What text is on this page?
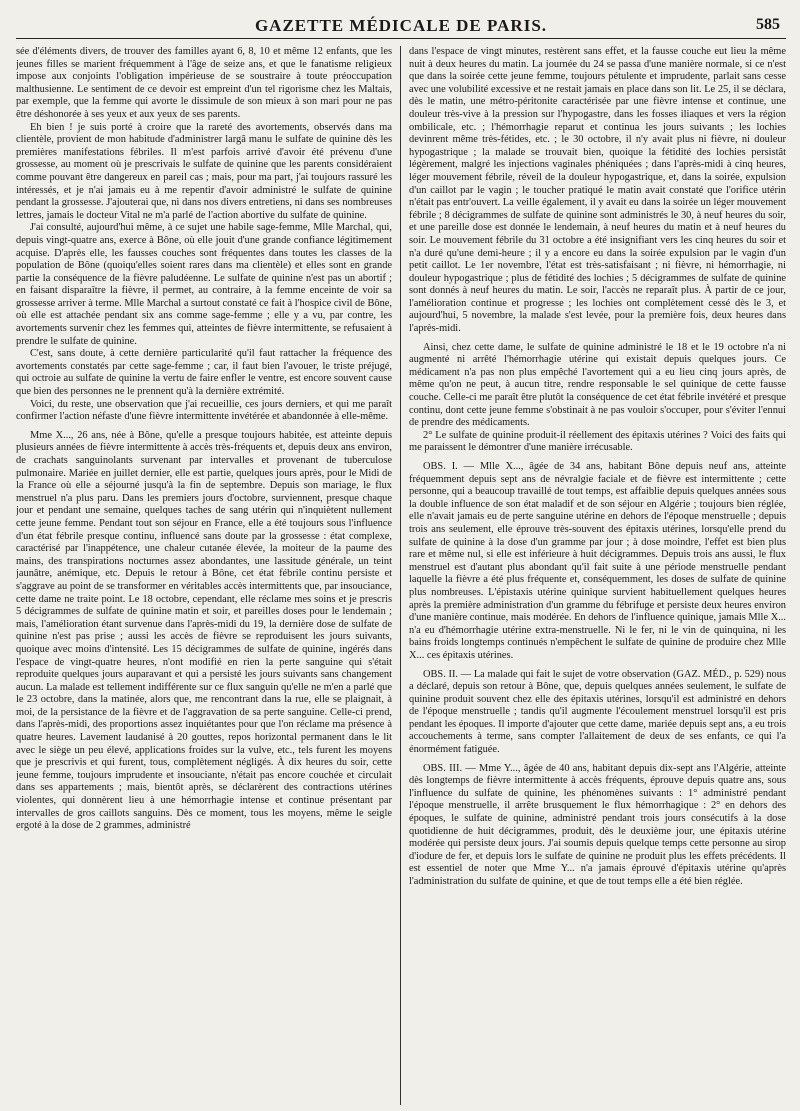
GAZETTE MÉDICALE DE PARIS.	585

sée d'éléments divers, de trouver des familles ayant 6, 8, 10 et même 12 enfants, que les jeunes filles se marient fréquemment à l'âge de seize ans, et que le fanatisme religieux impose aux conjoints l'obligation impérieuse de se soustraire à toute préoccupation malthusienne. Le sentiment de ce devoir est empreint d'un tel rigorisme chez les Maltais, par exemple, que la femme qui avorte le dissimule de son mieux à son mari pour ne pas être déshonorée à ses yeux et aux yeux de ses parents.

Eh bien ! je suis porté à croire que la rareté des avortements, observés dans ma clientèle, provient de mon habitude d'administrer largâ manu le sulfate de quinine dès les premières manifestations fébriles. Il m'est parfois arrivé d'avoir été prévenu d'une grossesse, au moment où je prescrivais le sulfate de quinine que les parents considéraient comme pouvant être dangereux en pareil cas ; mais, pour ma part, j'ai toujours rassuré les intéressés, et je n'ai jamais eu à me repentir d'avoir administré le sulfate de quinine pendant la grossesse. J'ajouterai que, ni dans nos divers entretiens, ni dans ses nombreuses lettres, jamais le docteur Vital ne m'a parlé de l'action abortive du sulfate de quinine.

J'ai consulté, aujourd'hui même, à ce sujet une habile sage-femme, Mlle Marchal, qui, depuis vingt-quatre ans, exerce à Bône, où elle jouit d'une grande confiance légitimement acquise. D'après elle, les fausses couches sont fréquentes dans toutes les classes de la population de Bône (quoiqu'elles soient rares dans ma clientèle) et elles sont en grande partie la conséquence de la fièvre paludéenne. Le sulfate de quinine n'est pas un abortif ; en faisant disparaître la fièvre, il permet, au contraire, à la femme enceinte de voir sa grossesse arriver à terme. Mlle Marchal a surtout constaté ce fait à l'hospice civil de Bône, où elle est attachée pendant six ans comme sage-femme ; elle y a vu, par contre, les avortements survenir chez les femmes qui, atteintes de fièvre intermittente, se refusaient à prendre le sulfate de quinine.

C'est, sans doute, à cette dernière particularité qu'il faut rattacher la fréquence des avortements constatés par cette sage-femme ; car, il faut bien l'avouer, le triste préjugé, qui octroie au sulfate de quinine la vertu de faire enfler le ventre, est encore souvent cause que bien des personnes ne le prennent qu'à la dernière extrémité.

Voici, du reste, une observation que j'ai recueillie, ces jours derniers, et qui me paraît confirmer l'action néfaste d'une fièvre intermittente invétérée et abandonnée à elle-même.

Mme X..., 26 ans, née à Bône, qu'elle a presque toujours habitée, est atteinte depuis plusieurs années de fièvre intermittente à accès très-fréquents et, depuis deux ans environ, de crachats sanguinolants survenant par intervalles et provenant de tuberculose pulmonaire. Mariée en juillet dernier, elle est partie, quelques jours après, pour le Midi de la France où elle a séjourné jusqu'à la fin de septembre. Depuis son mariage, le flux menstruel n'a plus paru. Dans les premiers jours d'octobre, surviennent, presque chaque jour et pendant une semaine, quelques taches de sang utérin qui n'inquiètent nullement cette jeune femme. Pendant tout son séjour en France, elle a été toujours sous l'influence d'un état fébrile presque continu, influencé sans doute par la grossesse : état complexe, caractérisé par l'inappétence, une chaleur cutanée élevée, la moiteur de la paume des mains, des transpirations nocturnes assez abondantes, une lassitude générale, un teint jaunâtre, anémique, etc. Depuis le retour à Bône, cet état fébrile continu persiste et s'aggrave au point de se transformer en véritables accès intermittents que, par insouciance, cette dame ne traite point. Le 18 octobre, cependant, elle réclame mes soins et je prescris 5 décigrammes de sulfate de quinine matin et soir, et pareilles doses pour le lendemain ; mais, l'amélioration étant survenue dans l'après-midi du 19, la dernière dose de sulfate de quinine n'est pas prise ; aussi les accès de fièvre se reproduisent les jours suivants, quoique avec moins d'intensité. Les 15 décigrammes de sulfate de quinine, ingérés dans l'espace de vingt-quatre heures, n'ont modifié en rien la perte sanguine qui s'était reproduite quelques jours auparavant et qui a persisté les jours suivants sans changement aucun. La malade est tellement indifférente sur ce flux sanguin qu'elle ne m'en a parlé que le 23 octobre, dans la matinée, alors que, me rencontrant dans la rue, elle se plaignait, à moi, de la persistance de la fièvre et de l'aggravation de sa perte sanguine. Celle-ci prend, dans l'après-midi, des proportions assez inquiétantes pour que l'on réclame ma présence à quatre heures. Lavement laudanisé à 20 gouttes, repos horizontal permanent dans le lit avec le siège un peu élevé, applications froides sur la vulve, etc., tels furent les moyens que je prescrivis et qui furent, tous, complètement négligés. À dix heures du soir, cette jeune femme, toujours imprudente et insouciante, n'était pas encore couchée et circulait dans ses appartements ; mais, bientôt après, se déclarèrent des contractions utérines violentes, qui donnèrent lieu à une hémorrhagie intense et continue présentant par intervalles de gros caillots sanguins. Dès ce moment, tous les moyens, même le seigle ergoté à la dose de 2 grammes, administré

dans l'espace de vingt minutes, restèrent sans effet, et la fausse couche eut lieu la même nuit à deux heures du matin. La journée du 24 se passa d'une manière normale, si ce n'est que dans la soirée cette jeune femme, toujours pétulente et imprudente, parlait sans cesse avec une volubilité excessive et ne restait jamais en place dans son lit. Le 25, il se déclara, dès le matin, une métro-péritonite caractérisée par une fièvre intense et continue, une douleur très-vive à la pression sur l'hypogastre, dans les fosses iliaques et vers la région ombilicale, etc. ; l'hémorrhagie reparut et continua les jours suivants ; les lochies devinrent même très-fétides, etc. ; le 30 octobre, il n'y avait plus ni fièvre, ni douleur hypogastrique ; la malade se trouvait bien, quoique la fétidité des lochies persistât légèrement, malgré les injections vaginales phéniquées ; dans l'après-midi à cinq heures, léger mouvement fébrile, réveil de la douleur hypogastrique, et, dans la soirée, expulsion d'un caillot par le vagin ; le toucher pratiqué le matin avait constaté que l'orifice utérin n'était pas entr'ouvert. La veille également, il y avait eu dans la soirée un léger mouvement fébrile ; 8 décigrammes de sulfate de quinine sont administrés le 30, à neuf heures du soir, et une pareille dose est donnée le lendemain, à neuf heures du matin et à neuf heures du soir. Le mouvement fébrile du 31 octobre a été insignifiant vers les cinq heures du soir et n'a duré qu'une demi-heure ; il y a encore eu dans la soirée expulsion par le vagin d'un petit caillot. Le 1er novembre, l'état est très-satisfaisant ; ni fièvre, ni hémorrhagie, ni douleur hypogastrique ; plus de fétidité des lochies ; 5 décigrammes de sulfate de quinine sont donnés à neuf heures du matin. Le soir, l'accès ne reparaît plus. À partir de ce jour, l'amélioration continue et progresse ; les lochies ont complètement cessé dès le 3, et aujourd'hui, 5 novembre, la malade s'est levée, pour la première fois, deux heures dans l'après-midi.

Ainsi, chez cette dame, le sulfate de quinine administré le 18 et le 19 octobre n'a ni augmenté ni arrêté l'hémorrhagie utérine qui existait depuis quelques jours. Ce médicament n'a pas non plus empêché l'avortement qui a eu lieu cinq jours après, de même qu'on ne peut, à aucun titre, rendre responsable le sel quinique de cette fausse couche. Celle-ci me paraît être plutôt la conséquence de cet état fébrile invétéré et presque continu, dont cette jeune femme s'obstinait à ne pas vouloir s'occuper, pour s'éviter l'ennui de prendre des médicaments.

2° Le sulfate de quinine produit-il réellement des épitaxis utérines ? Voici des faits qui me paraissent le démontrer d'une manière irrécusable.

OBS. I. — Mlle X..., âgée de 34 ans, habitant Bône depuis neuf ans, atteinte fréquemment depuis sept ans de névralgie faciale et de fièvre est intermittente ; cette personne, qui a beaucoup travaillé de tout temps, est affaiblie depuis quelques années sous la double influence de son état maladif et de son séjour en Algérie ; toujours bien réglée, elle n'avait jamais eu de perte sanguine utérine en dehors de l'époque menstruelle ; depuis trois ans seulement, elle éprouve très-souvent des épitaxis utérines, lorsqu'elle prend du sulfate de quinine à la dose d'un gramme par jour ; à dose moindre, l'effet est bien plus rare et même nul, si elle est inférieure à huit décigrammes. Depuis trois ans aussi, le flux menstruel est d'autant plus abondant qu'il fait suite à une période menstruelle pendant laquelle la fièvre a été plus fréquente et, conséquemment, les doses de sulfate de quinine plus nombreuses. L'épistaxis utérine quinique survient habituellement quelques heures après la première administration d'un gramme du fébrifuge et persiste deux heures environ d'une manière continue, mais modérée. En dehors de l'influence quinique, jamais Mlle X... n'a eu d'hémorrhagie utérine extra-menstruelle. Ni le fer, ni le vin de quinquina, ni les bains froids longtemps continués n'empêchent le sulfate de quinine de produire chez Mlle X... ces épitaxis utérines.

OBS. II. — La malade qui fait le sujet de votre observation (GAZ. MÉD., p. 529) nous a déclaré, depuis son retour à Bône, que, depuis quelques années seulement, le sulfate de quinine produit souvent chez elle des épitaxis utérines, lorsqu'il est administré en dehors de l'époque menstruelle ; tandis qu'il augmente l'écoulement menstruel lorsqu'il est pris pendant les époques. Il importe d'ajouter que cette dame, mariée depuis sept ans, a eu trois accouchements à terme, sans compter l'allaitement de deux de ses enfants, ce qui l'a énormément fatiguée.

OBS. III. — Mme Y..., âgée de 40 ans, habitant depuis dix-sept ans l'Algérie, atteinte dès longtemps de fièvre intermittente à accès fréquents, éprouve depuis quatre ans, sous l'influence du sulfate de quinine, les phénomènes suivants : 1° administré pendant l'époque menstruelle, il arrête brusquement le flux hémorrhagique : 2° en dehors des époques, le sulfate de quinine, administré pendant trois jours consécutifs à la dose quotidienne de huit décigrammes, produit, dès le deuxième jour, une épitaxis utérine modérée qui persiste deux jours. J'ai soumis depuis quelque temps cette personne au sirop d'iodure de fer, et depuis lors le sulfate de quinine ne produit plus les effets précédents. Il est essentiel de noter que Mme Y... n'a jamais éprouvé d'épitaxis utérine qu'après l'administration du sulfate de quinine, et que de tout temps elle a été bien réglée.
